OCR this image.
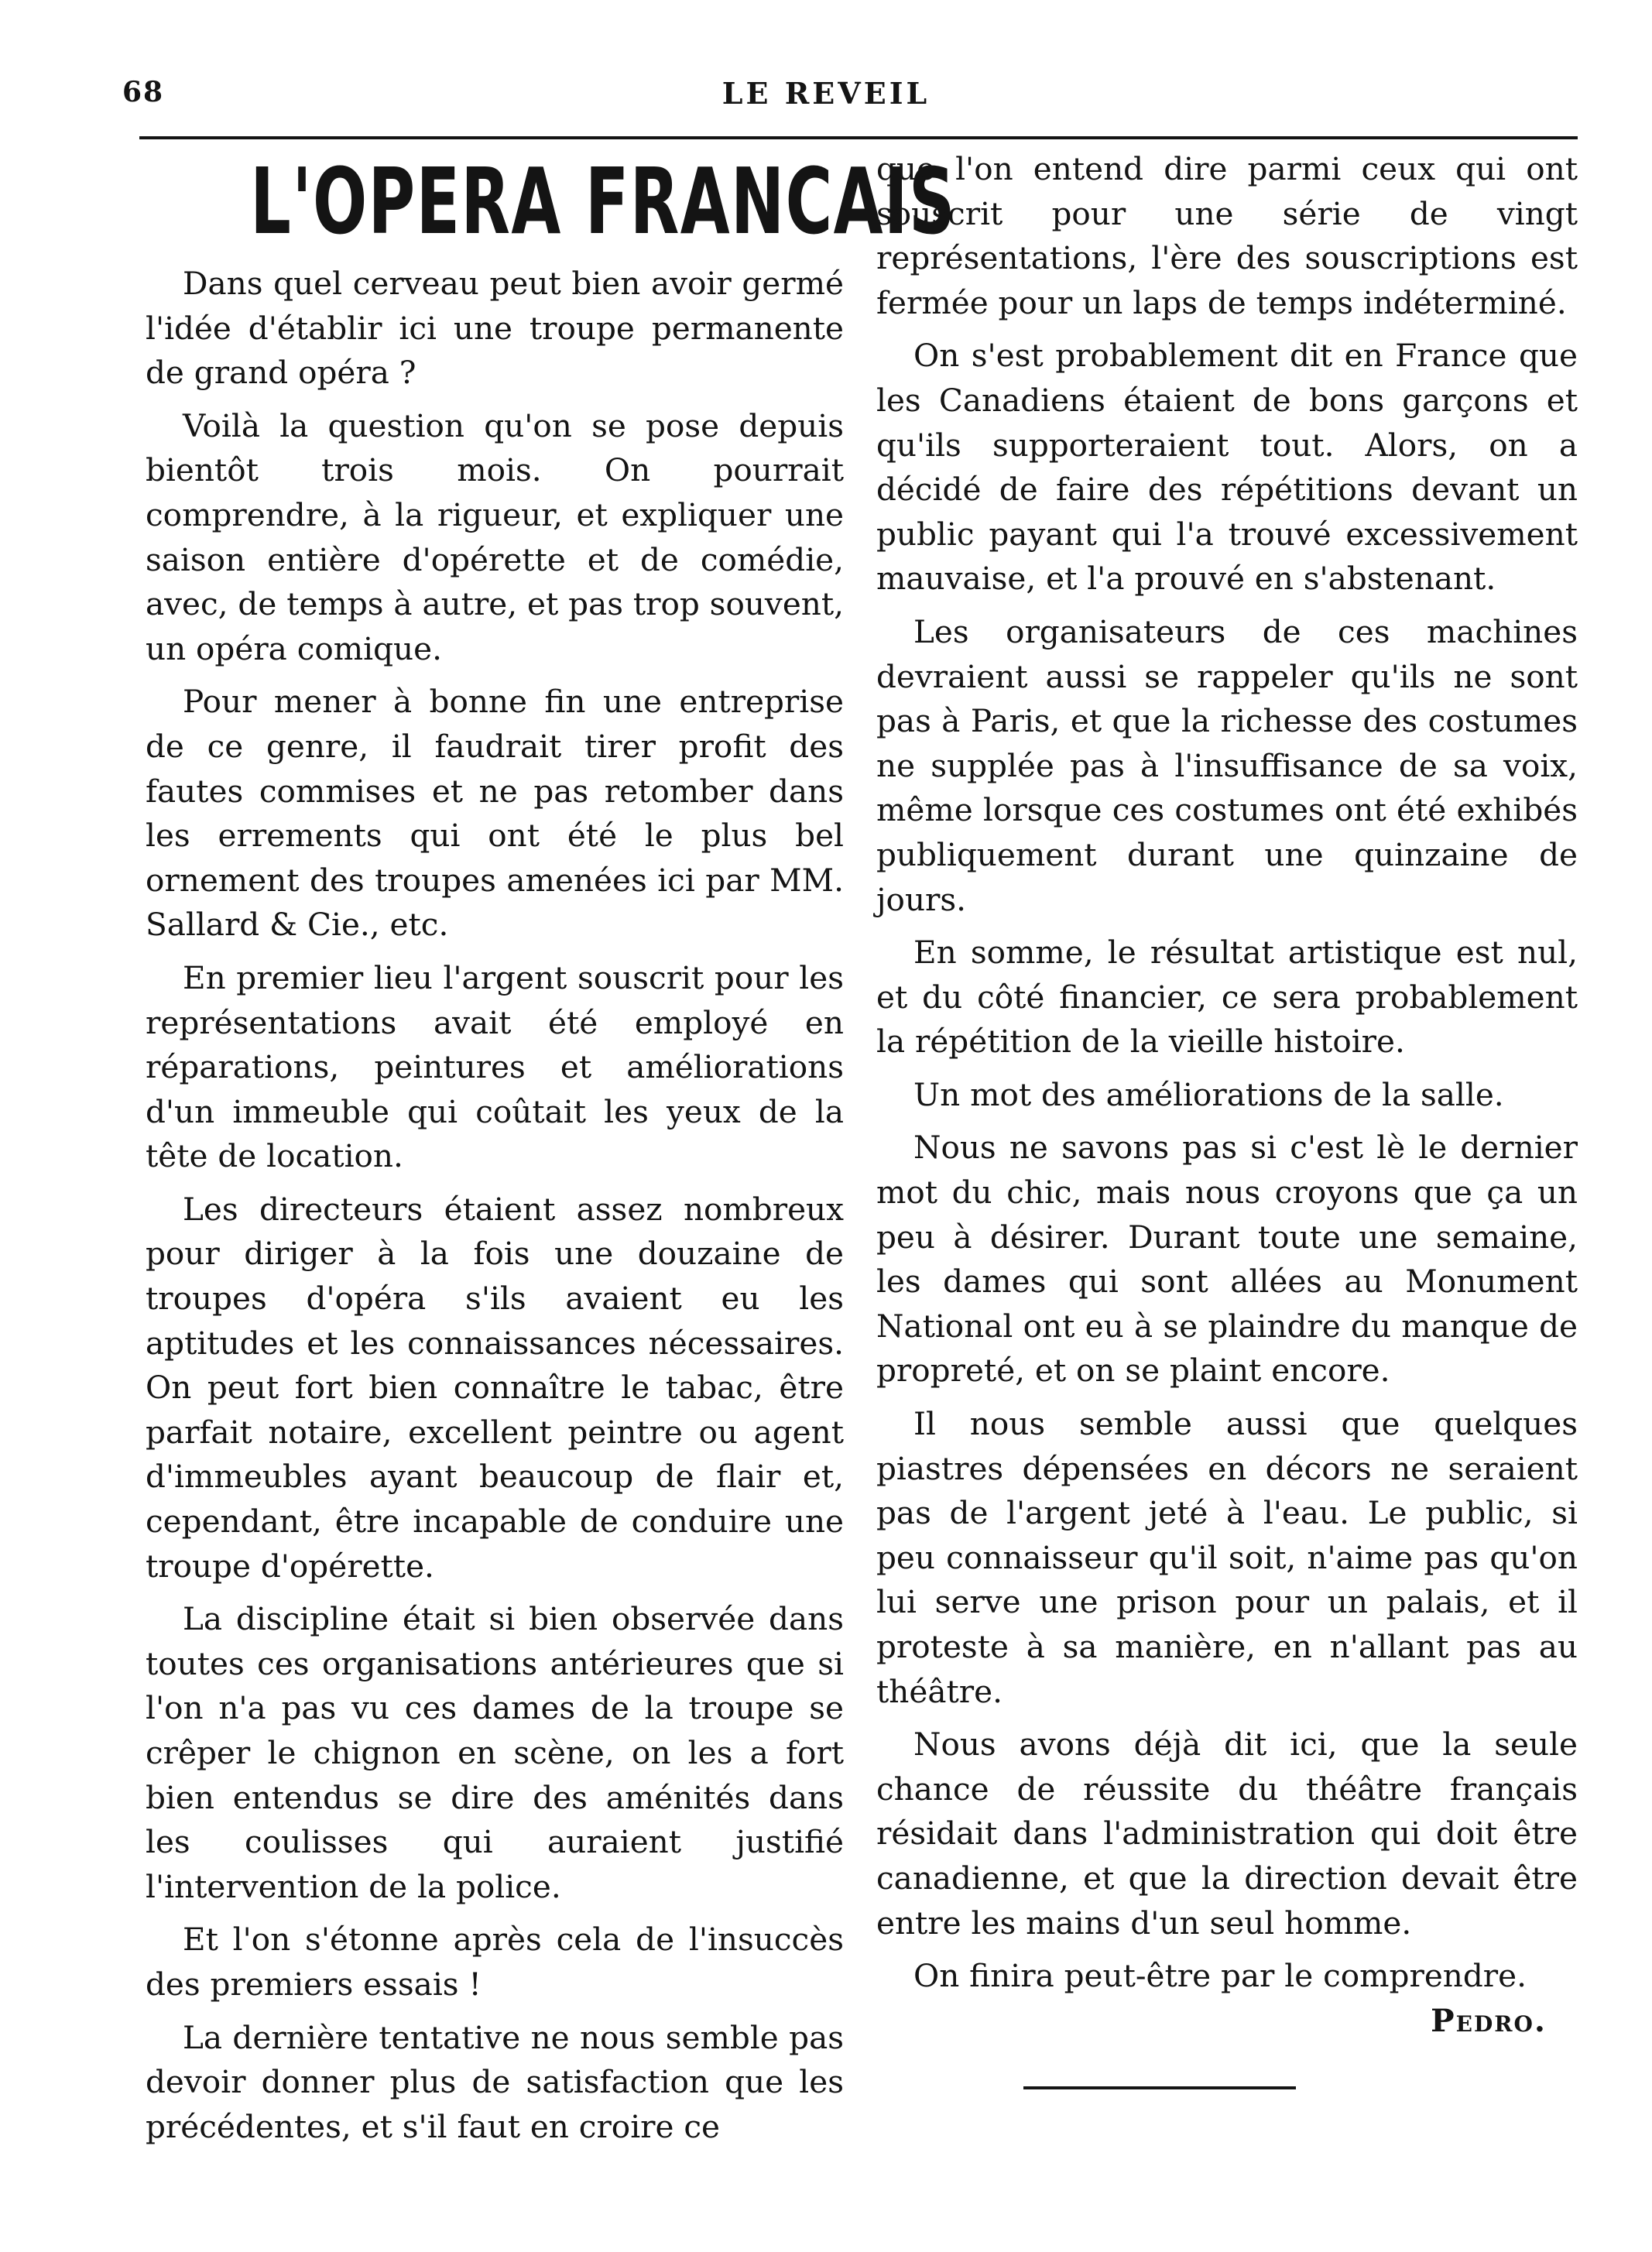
68	LE REVEIL
L'OPERA FRANCAIS

Dans quel cerveau peut bien avoir germé l'idée d'établir ici une troupe permanente de grand opéra ?

Voilà la question qu'on se pose depuis bientôt trois mois. On pourrait comprendre, à la rigueur, et expliquer une saison entière d'opérette et de comédie, avec, de temps à autre, et pas trop souvent, un opéra comique.

Pour mener à bonne fin une entreprise de ce genre, il faudrait tirer profit des fautes commises et ne pas retomber dans les errements qui ont été le plus bel ornement des troupes amenées ici par MM. Sallard & Cie., etc.

En premier lieu l'argent souscrit pour les représentations avait été employé en réparations, peintures et améliorations d'un immeuble qui coûtait les yeux de la tête de location.

Les directeurs étaient assez nombreux pour diriger à la fois une douzaine de troupes d'opéra s'ils avaient eu les aptitudes et les connaissances nécessaires. On peut fort bien connaître le tabac, être parfait notaire, excellent peintre ou agent d'immeubles ayant beaucoup de flair et, cependant, être incapable de conduire une troupe d'opérette.

La discipline était si bien observée dans toutes ces organisations antérieures que si l'on n'a pas vu ces dames de la troupe se crêper le chignon en scène, on les a fort bien entendus se dire des aménités dans les coulisses qui auraient justifié l'intervention de la police.

Et l'on s'étonne après cela de l'insuccès des premiers essais !

La dernière tentative ne nous semble pas devoir donner plus de satisfaction que les précédentes, et s'il faut en croire ce

que l'on entend dire parmi ceux qui ont souscrit pour une série de vingt représentations, l'ère des souscriptions est fermée pour un laps de temps indéterminé.

On s'est probablement dit en France que les Canadiens étaient de bons garçons et qu'ils supporteraient tout. Alors, on a décidé de faire des répétitions devant un public payant qui l'a trouvé excessivement mauvaise, et l'a prouvé en s'abstenant.

Les organisateurs de ces machines devraient aussi se rappeler qu'ils ne sont pas à Paris, et que la richesse des costumes ne supplée pas à l'insuffisance de sa voix, même lorsque ces costumes ont été exhibés publiquement durant une quinzaine de jours.

En somme, le résultat artistique est nul, et du côté financier, ce sera probablement la répétition de la vieille histoire.

Un mot des améliorations de la salle.

Nous ne savons pas si c'est lè le dernier mot du chic, mais nous croyons que ça un peu à désirer. Durant toute une semaine, les dames qui sont allées au Monument National ont eu à se plaindre du manque de propreté, et on se plaint encore.

Il nous semble aussi que quelques piastres dépensées en décors ne seraient pas de l'argent jeté à l'eau. Le public, si peu connaisseur qu'il soit, n'aime pas qu'on lui serve une prison pour un palais, et il proteste à sa manière, en n'allant pas au théâtre.

Nous avons déjà dit ici, que la seule chance de réussite du théâtre français résidait dans l'administration qui doit être canadienne, et que la direction devait être entre les mains d'un seul homme.

On finira peut-être par le comprendre.

Pedro.
